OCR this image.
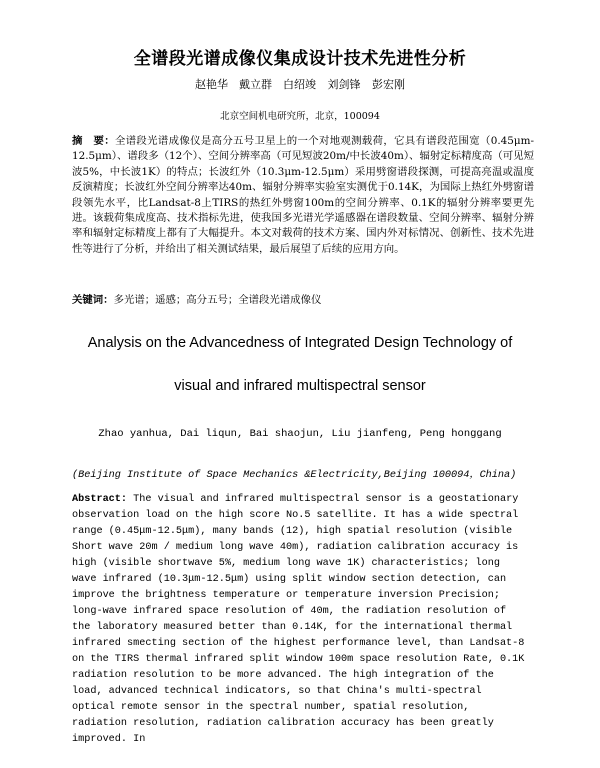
全谱段光谱成像仪集成设计技术先进性分析
赵艳华　戴立群　白绍竣 刘剑锋 彭宏刚
北京空间机电研究所，北京，100094
摘　要：全谱段光谱成像仪是高分五号卫星上的一个对地观测载荷，它具有谱段范围宽（0.45μm-12.5μm）、谱段多（12个）、空间分辨率高（可见短波20m/中长波40m）、辐射定标精度高（可见短波5%，中长波1K）的特点；长波红外（10.3μm-12.5μm）采用劈窗谱段探测，可提高亮温或温度反演精度；长波红外空间分辨率达40m、辐射分辨率实验室实测优于0.14K，为国际上热红外劈窗谱段领先水平，比Landsat-8上TIRS的热红外劈窗100m的空间分辨率、0.1K的辐射分辨率要更先进。该载荷集成度高、技术指标先进，使我国多光谱光学遥感器在谱段数量、空间分辨率、辐射分辨率和辐射定标精度上都有了大幅提升。本文对载荷的技术方案、国内外对标情况、创新性、技术先进性等进行了分析，并给出了相关测试结果，最后展望了后续的应用方向。
关键词：多光谱；遥感；高分五号；全谱段光谱成像仪
Analysis on the Advancedness of Integrated Design Technology of
visual and infrared multispectral sensor
Zhao yanhua, Dai liqun, Bai shaojun, Liu jianfeng, Peng honggang
(Beijing Institute of Space Mechanics &Electricity,Beijing 100094，China)
Abstract: The visual and infrared multispectral sensor is a geostationary observation load on the high score No.5 satellite. It has a wide spectral range (0.45μm-12.5μm), many bands (12), high spatial resolution (visible Short wave 20m / medium long wave 40m), radiation calibration accuracy is high (visible shortwave 5%, medium long wave 1K) characteristics; long wave infrared (10.3μm-12.5μm) using split window section detection, can improve the brightness temperature or temperature inversion Precision; long-wave infrared space resolution of 40m, the radiation resolution of the laboratory measured better than 0.14K, for the international thermal infrared smecting section of the highest performance level, than Landsat-8 on the TIRS thermal infrared split window 100m space resolution Rate, 0.1K radiation resolution to be more advanced. The high integration of the load, advanced technical indicators, so that China's multi-spectral optical remote sensor in the spectral number, spatial resolution, radiation resolution, radiation calibration accuracy has been greatly improved. In
